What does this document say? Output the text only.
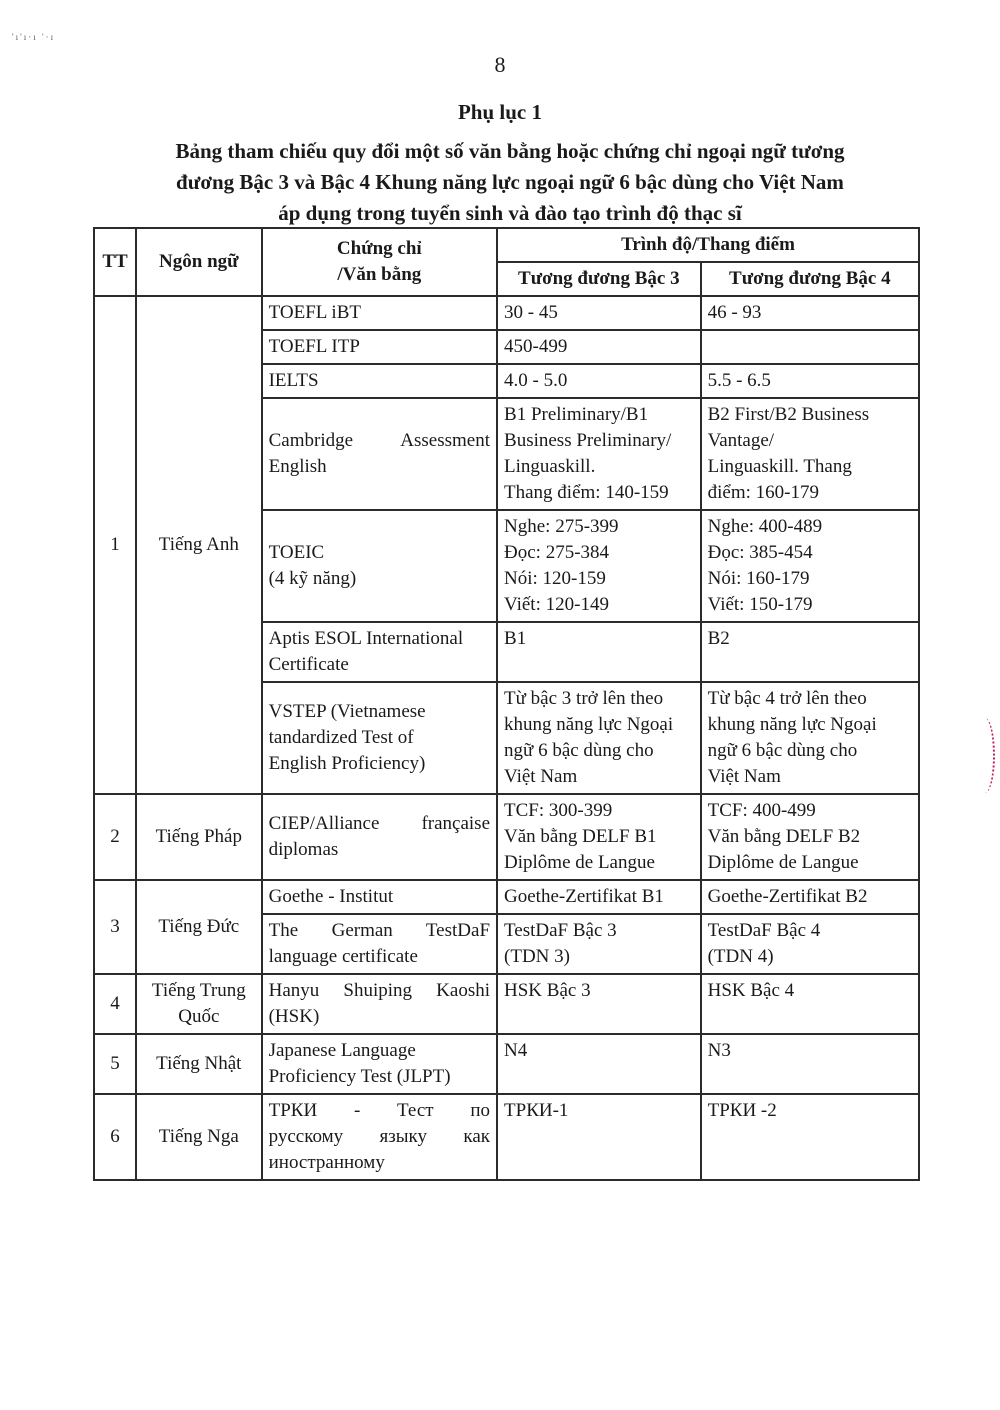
'ı'ı·ı '·ı
8
Phụ lục 1
Bảng tham chiếu quy đổi một số văn bằng hoặc chứng chỉ ngoại ngữ tương
đương Bậc 3 và Bậc 4 Khung năng lực ngoại ngữ 6 bậc dùng cho Việt Nam
áp dụng trong tuyển sinh và đào tạo trình độ thạc sĩ
TT	Ngôn ngữ	Chứng chỉ
/Văn bằng	Trình độ/Thang điểm	
			Tương đương Bậc 3	Tương đương Bậc 4
1	Tiếng Anh	TOEFL iBT	30 - 45	46 - 93

		TOEFL ITP	450-499	

		IELTS	4.0 - 5.0	5.5 - 6.5

		Cambridge Assessment
English	B1 Preliminary/B1
Business Preliminary/
Linguaskill.
Thang điểm: 140-159	B2 First/B2 Business
Vantage/
Linguaskill. Thang
điểm: 160-179

		TOEIC
(4 kỹ năng)	Nghe: 275-399
Đọc: 275-384
Nói: 120-159
Viết: 120-149	Nghe: 400-489
Đọc: 385-454
Nói: 160-179
Viết: 150-179

		Aptis ESOL International
Certificate	B1	B2

		VSTEP (Vietnamese
tandardized Test of
English Proficiency)	Từ bậc 3 trở lên theo
khung năng lực Ngoại
ngữ 6 bậc dùng cho
Việt Nam	Từ bậc 4 trở lên theo
khung năng lực Ngoại
ngữ 6 bậc dùng cho
Việt Nam

2	Tiếng Pháp	CIEP/Alliance française
diplomas	TCF: 300-399
Văn bằng DELF B1
Diplôme de Langue	TCF: 400-499
Văn bằng DELF B2
Diplôme de Langue

3	Tiếng Đức	Goethe - Institut	Goethe-Zertifikat B1	Goethe-Zertifikat B2

		The German TestDaF
language certificate	TestDaF Bậc 3
(TDN 3)	TestDaF Bậc 4
(TDN 4)

4	Tiếng Trung Quốc	Hanyu Shuiping Kaoshi
(HSK)	HSK Bậc 3	HSK Bậc 4

5	Tiếng Nhật	Japanese Language
Proficiency Test (JLPT)	N4	N3

6	Tiếng Nga	ТРКИ - Тест по
русскому языку как
иностранному	ТРКИ-1	ТРКИ -2
